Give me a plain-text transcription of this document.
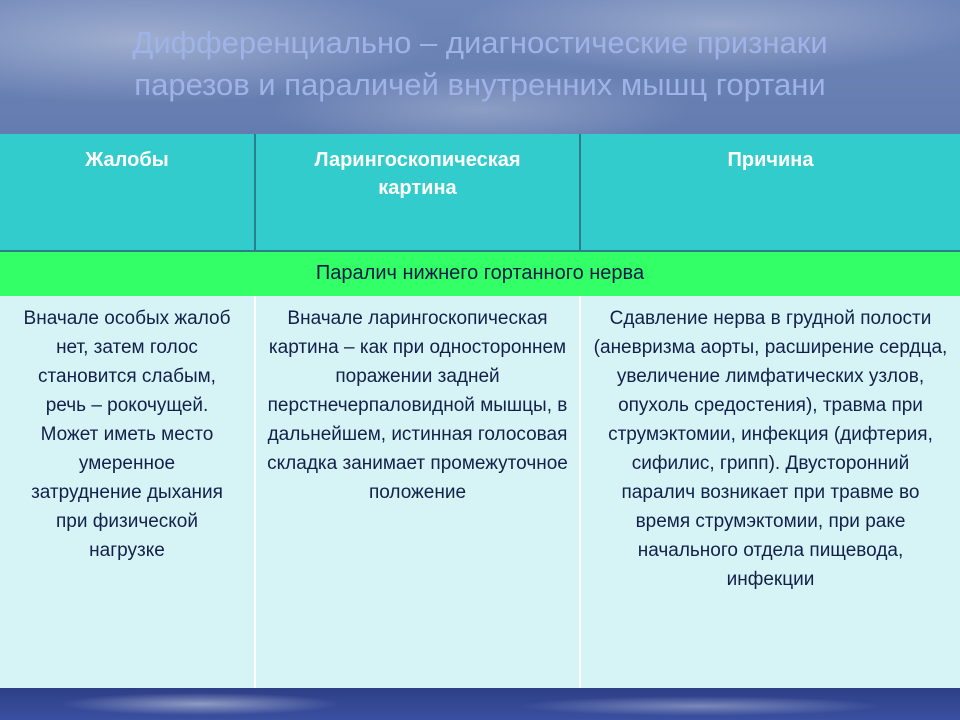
Дифференциально – диагностические признаки
парезов и параличей внутренних мышц гортани
Жалобы	Ларингоскопическая картина
Причина
Паралич нижнего гортанного нерва
Вначале особых жалоб нет, затем голос становится слабым, речь – рокочущей. Может иметь место умеренное затруднение дыхания при физической нагрузке
Вначале ларингоскопическая картина – как при одностороннем поражении задней перстнечерпаловидной мышцы, в дальнейшем, истинная голосовая складка занимает промежуточное положение
Сдавление нерва в грудной полости (аневризма аорты, расширение сердца, увеличение лимфатических узлов, опухоль средостения), травма при струмэктомии, инфекция (дифтерия, сифилис, грипп). Двусторонний паралич возникает при травме во время струмэктомии, при раке начального отдела пищевода, инфекции
